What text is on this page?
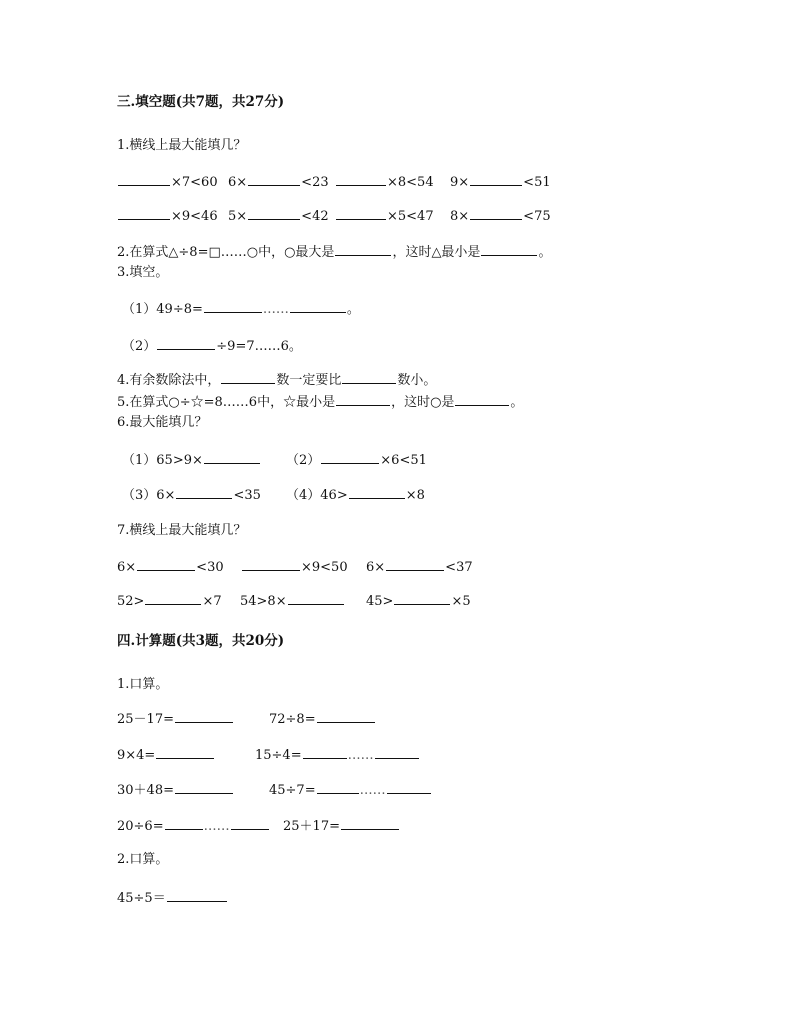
三.填空题(共7题，共27分)
1.横线上最大能填几？
×7<60 6×	<23	×8<54 9×	<51
×9<46 5×	<42	×5<47 8×	<75
2.在算式△÷8=□……○中，○最大是	，这时△最小是	。
3.填空。
（1）49÷8=	……	。
（2）	÷9=7……6。
4.有余数除法中，	数一定要比	数小。
5.在算式○÷☆=8……6中，☆最小是	，这时○是	。
6.最大能填几？
（1）65>9×	（2）	×6<51
（3）6×	<35 （4）46>	×8
7.横线上最大能填几？
6×	<30	×9<50 6×	<37
52>	×7 54>8×	45>	×5
四.计算题(共3题，共20分)
1.口算。
25－17=	72÷8=
9×4=	15÷4=	……
30＋48=	45÷7=	……
20÷6=	……	25＋17=
2.口算。
45÷5＝
